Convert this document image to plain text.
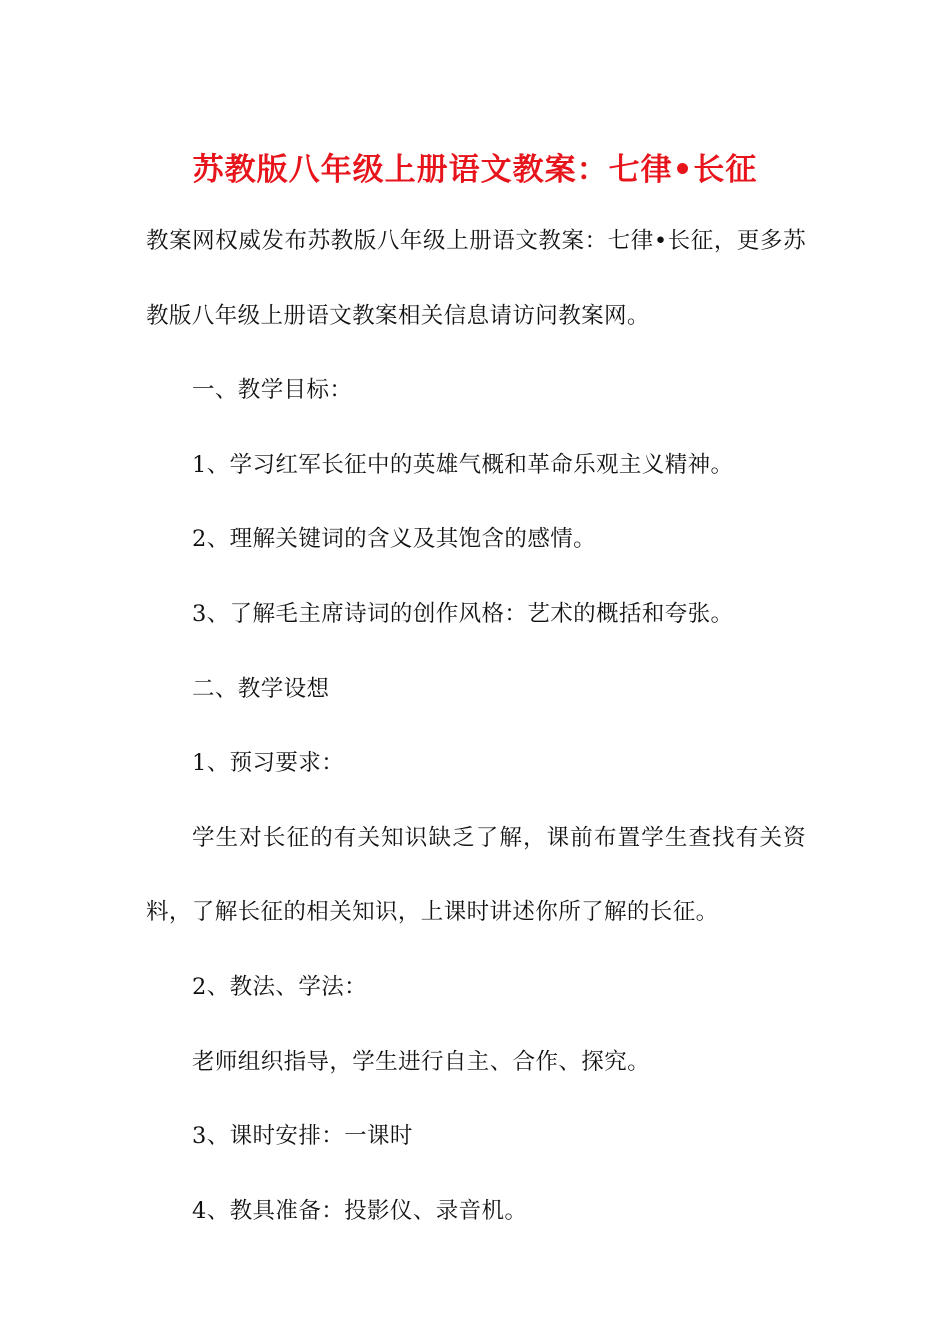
苏教版八年级上册语文教案：七律•长征

教案网权威发布苏教版八年级上册语文教案：七律•长征，更多苏教版八年级上册语文教案相关信息请访问教案网。

一、教学目标：

1、学习红军长征中的英雄气概和革命乐观主义精神。

2、理解关键词的含义及其饱含的感情。

3、了解毛主席诗词的创作风格：艺术的概括和夸张。

二、教学设想

1、预习要求：

学生对长征的有关知识缺乏了解，课前布置学生查找有关资料，了解长征的相关知识，上课时讲述你所了解的长征。

2、教法、学法：

老师组织指导，学生进行自主、合作、探究。

3、课时安排：一课时

4、教具准备：投影仪、录音机。
